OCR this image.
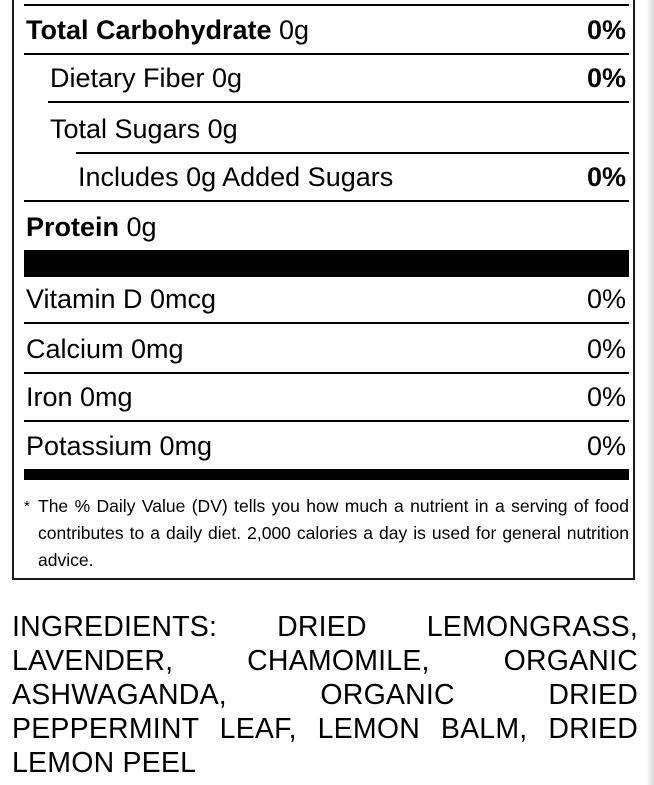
Total Carbohydrate 0g	0%
Dietary Fiber 0g	0%
Total Sugars 0g
Includes 0g Added Sugars	0%
Protein 0g
Vitamin D 0mcg	0%
Calcium 0mg	0%
Iron 0mg	0%
Potassium 0mg	0%
* The % Daily Value (DV) tells you how much a nutrient in a serving of food contributes to a daily diet. 2,000 calories a day is used for general nutrition advice.
INGREDIENTS: DRIED LEMONGRASS, LAVENDER, CHAMOMILE, ORGANIC ASHWAGANDA, ORGANIC DRIED PEPPERMINT LEAF, LEMON BALM, DRIED LEMON PEEL
